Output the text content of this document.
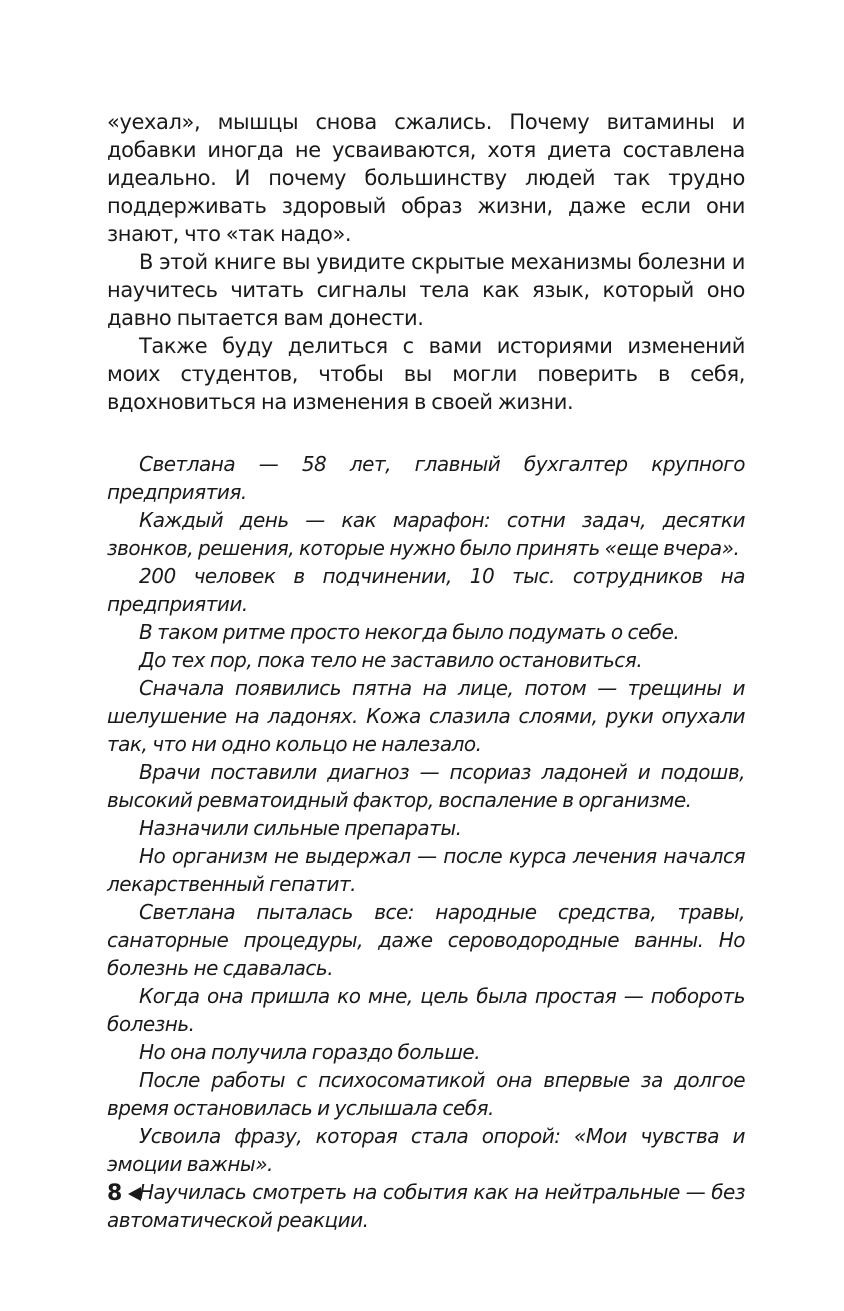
«уехал», мышцы снова сжались. Почему витамины и добавки иногда не усваиваются, хотя диета составлена идеально. И почему большинству людей так трудно поддерживать здоровый образ жизни, даже если они знают, что «так надо».

В этой книге вы увидите скрытые механизмы болезни и научитесь читать сигналы тела как язык, который оно давно пытается вам донести.

Также буду делиться с вами историями изменений моих студентов, чтобы вы могли поверить в себя, вдохновиться на изменения в своей жизни.

Светлана — 58 лет, главный бухгалтер крупного предприятия.

Каждый день — как марафон: сотни задач, десятки звонков, решения, которые нужно было принять «еще вчера».

200 человек в подчинении, 10 тыс. сотрудников на предприятии.

В таком ритме просто некогда было подумать о себе.

До тех пор, пока тело не заставило остановиться.

Сначала появились пятна на лице, потом — трещины и шелушение на ладонях. Кожа слазила слоями, руки опухали так, что ни одно кольцо не налезало.

Врачи поставили диагноз — псориаз ладоней и подошв, высокий ревматоидный фактор, воспаление в организме.

Назначили сильные препараты.

Но организм не выдержал — после курса лечения начался лекарственный гепатит.

Светлана пыталась все: народные средства, травы, санаторные процедуры, даже сероводородные ванны. Но болезнь не сдавалась.

Когда она пришла ко мне, цель была простая — побороть болезнь.

Но она получила гораздо больше.

После работы с психосоматикой она впервые за долгое время остановилась и услышала себя.

Усвоила фразу, которая стала опорой: «Мои чувства и эмоции важны».

Научилась смотреть на события как на нейтральные — без автоматической реакции.

8
